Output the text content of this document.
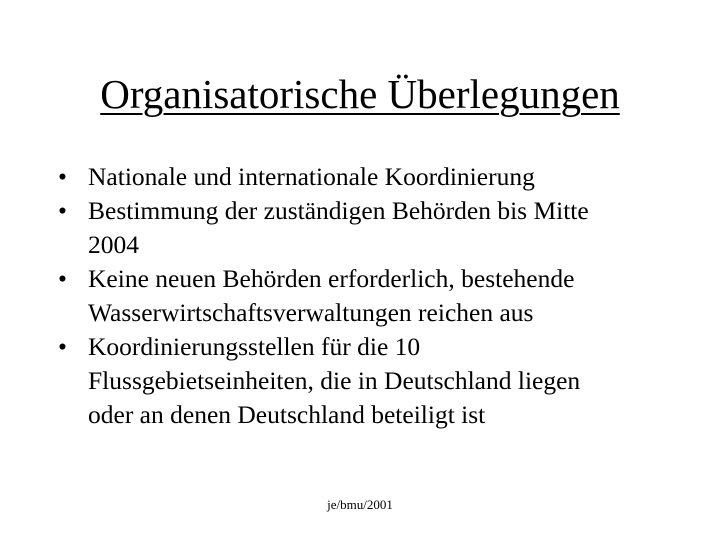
Organisatorische Überlegungen
• Nationale und internationale Koordinierung
• Bestimmung der zuständigen Behörden bis Mitte
2004
• Keine neuen Behörden erforderlich, bestehende
Wasserwirtschaftsverwaltungen reichen aus
• Koordinierungsstellen für die 10
Flussgebietseinheiten, die in Deutschland liegen
oder an denen Deutschland beteiligt ist
je/bmu/2001
